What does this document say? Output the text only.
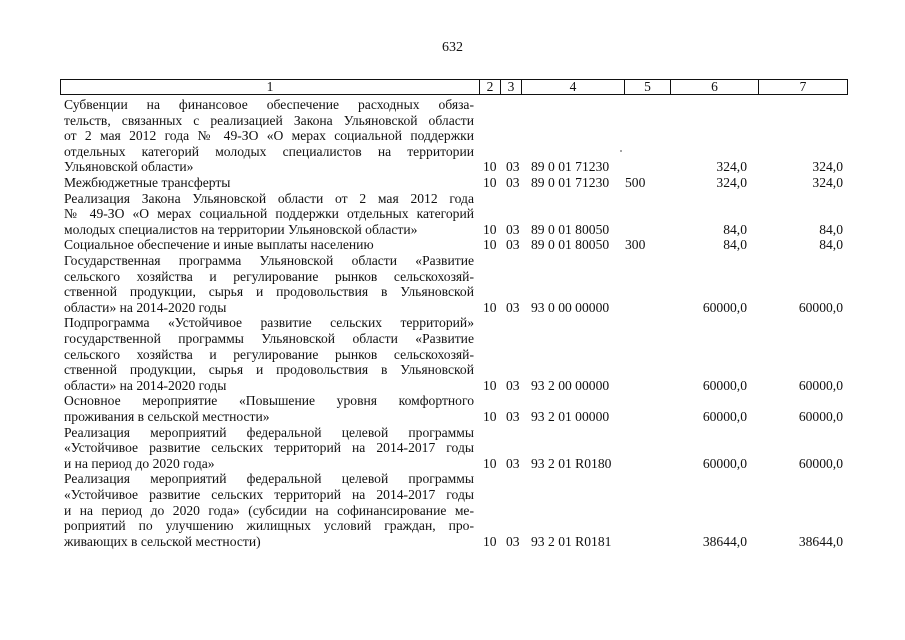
632
1	2	3	4	5	6	7
Субвенции на финансовое обеспечение расходных обяза-
тельств, связанных с реализацией Закона Ульяновской области
от 2 мая 2012 года № 49-ЗО «О мерах социальной поддержки
отдельных категорий молодых специалистов на территории
Ульяновской области»	10 03 89 0 01 71230	324,0	324,0
Межбюджетные трансферты	10 03 89 0 01 71230 500	324,0	324,0
Реализация Закона Ульяновской области от 2 мая 2012 года
№ 49-ЗО «О мерах социальной поддержки отдельных категорий
молодых специалистов на территории Ульяновской области»	10 03 89 0 01 80050	84,0	84,0
Социальное обеспечение и иные выплаты населению	10 03 89 0 01 80050 300	84,0	84,0
Государственная программа Ульяновской области «Развитие
сельского хозяйства и регулирование рынков сельскохозяй-
ственной продукции, сырья и продовольствия в Ульяновской
области» на 2014-2020 годы	10 03 93 0 00 00000	60000,0	60000,0
Подпрограмма «Устойчивое развитие сельских территорий»
государственной программы Ульяновской области «Развитие
сельского хозяйства и регулирование рынков сельскохозяй-
ственной продукции, сырья и продовольствия в Ульяновской
области» на 2014-2020 годы	10 03 93 2 00 00000	60000,0	60000,0
Основное мероприятие «Повышение уровня комфортного
проживания в сельской местности»	10 03 93 2 01 00000	60000,0	60000,0
Реализация мероприятий федеральной целевой программы
«Устойчивое развитие сельских территорий на 2014-2017 годы
и на период до 2020 года»	10 03 93 2 01 R0180	60000,0	60000,0
Реализация мероприятий федеральной целевой программы
«Устойчивое развитие сельских территорий на 2014-2017 годы
и на период до 2020 года» (субсидии на софинансирование ме-
роприятий по улучшению жилищных условий граждан, про-
живающих в сельской местности)	10 03 93 2 01 R0181	38644,0	38644,0
